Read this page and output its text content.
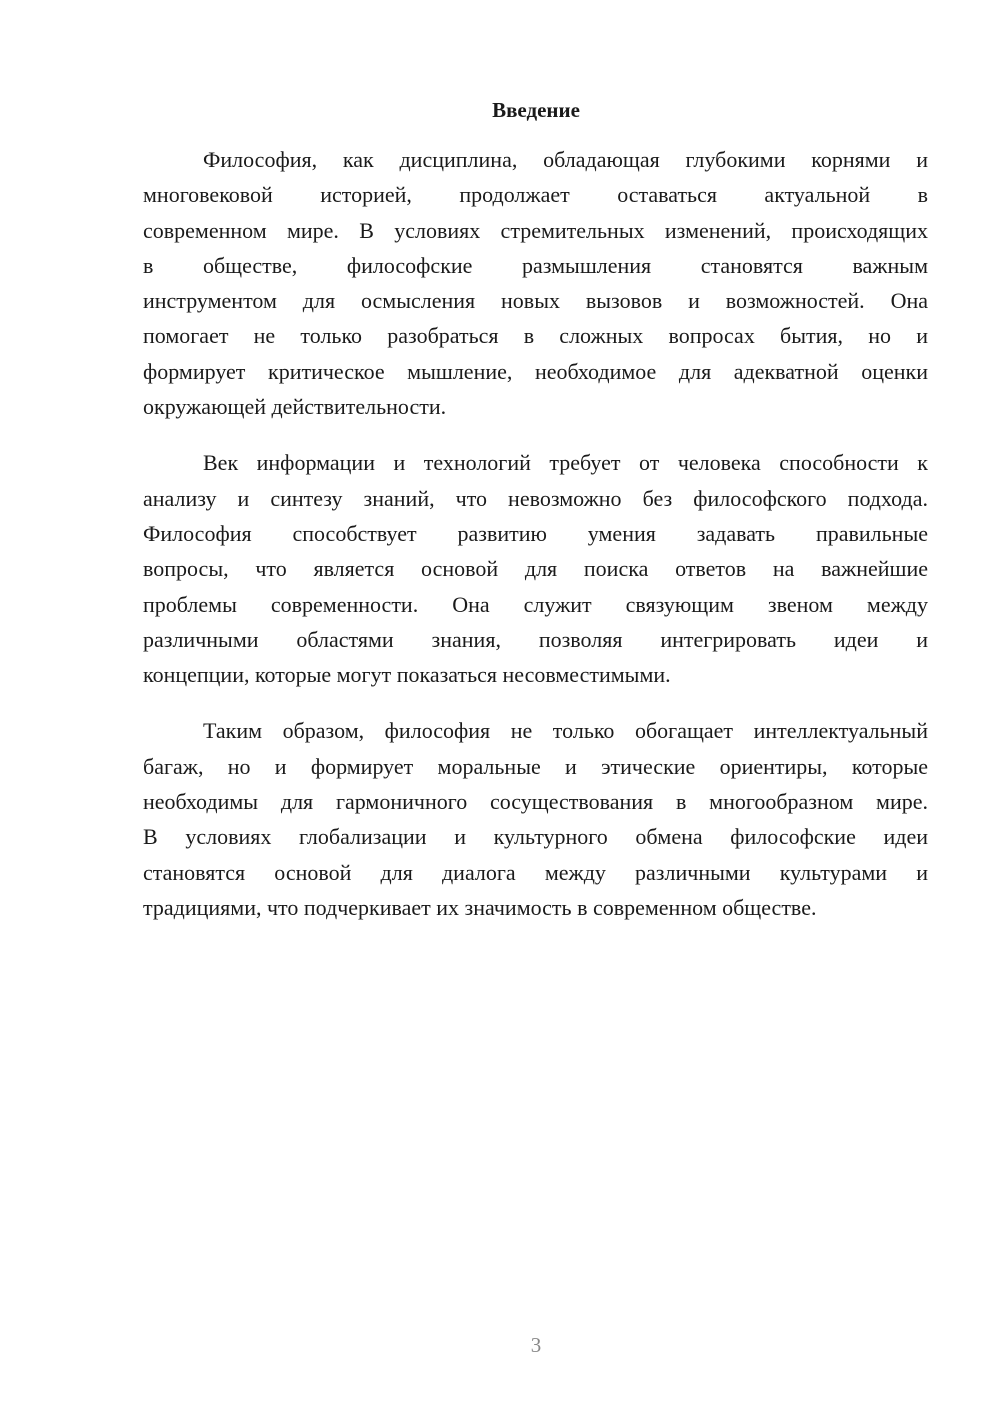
Введение
Философия, как дисциплина, обладающая глубокими корнями и
многовековой историей, продолжает оставаться актуальной в
современном мире. В условиях стремительных изменений, происходящих
в обществе, философские размышления становятся важным
инструментом для осмысления новых вызовов и возможностей. Она
помогает не только разобраться в сложных вопросах бытия, но и
формирует критическое мышление, необходимое для адекватной оценки
окружающей действительности.
Век информации и технологий требует от человека способности к
анализу и синтезу знаний, что невозможно без философского подхода.
Философия способствует развитию умения задавать правильные
вопросы, что является основой для поиска ответов на важнейшие
проблемы современности. Она служит связующим звеном между
различными областями знания, позволяя интегрировать идеи и
концепции, которые могут показаться несовместимыми.
Таким образом, философия не только обогащает интеллектуальный
багаж, но и формирует моральные и этические ориентиры, которые
необходимы для гармоничного сосуществования в многообразном мире.
В условиях глобализации и культурного обмена философские идеи
становятся основой для диалога между различными культурами и
традициями, что подчеркивает их значимость в современном обществе.
3
